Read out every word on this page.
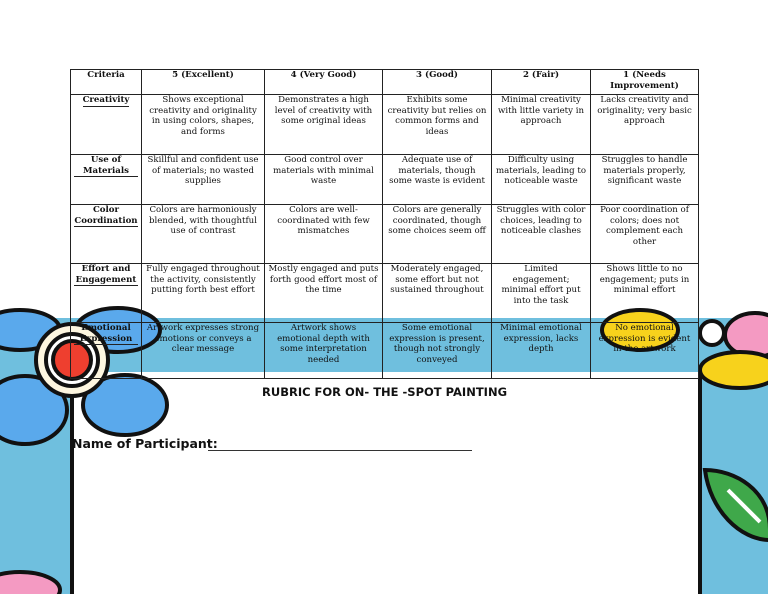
Criteria	5 (Excellent)	4 (Very Good)	3 (Good)	2 (Fair)	1 (Needs Improvement)
Creativity	Shows exceptional creativity and originality in using colors, shapes, and forms	Demonstrates a high level of creativity with some original ideas	Exhibits some creativity but relies on common forms and ideas	Minimal creativity with little variety in approach	Lacks creativity and originality; very basic approach
Use of Materials	Skillful and confident use of materials; no wasted supplies	Good control over materials with minimal waste	Adequate use of materials, though some waste is evident	Difficulty using materials, leading to noticeable waste	Struggles to handle materials properly, significant waste
Color Coordination	Colors are harmoniously blended, with thoughtful use of contrast	Colors are well-coordinated with few mismatches	Colors are generally coordinated, though some choices seem off	Struggles with color choices, leading to noticeable clashes	Poor coordination of colors; does not complement each other
Effort and Engagement	Fully engaged throughout the activity, consistently putting forth best effort	Mostly engaged and puts forth good effort most of the time	Moderately engaged, some effort but not sustained throughout	Limited engagement; minimal effort put into the task	Shows little to no engagement; puts in minimal effort
Emotional Expression	Artwork expresses strong emotions or conveys a clear message	Artwork shows emotional depth with some interpretation needed	Some emotional expression is present, though not strongly conveyed	Minimal emotional expression, lacks depth	No emotional expression is evident in the artwork
RUBRIC FOR ON- THE -SPOT PAINTING
Name of Participant:
